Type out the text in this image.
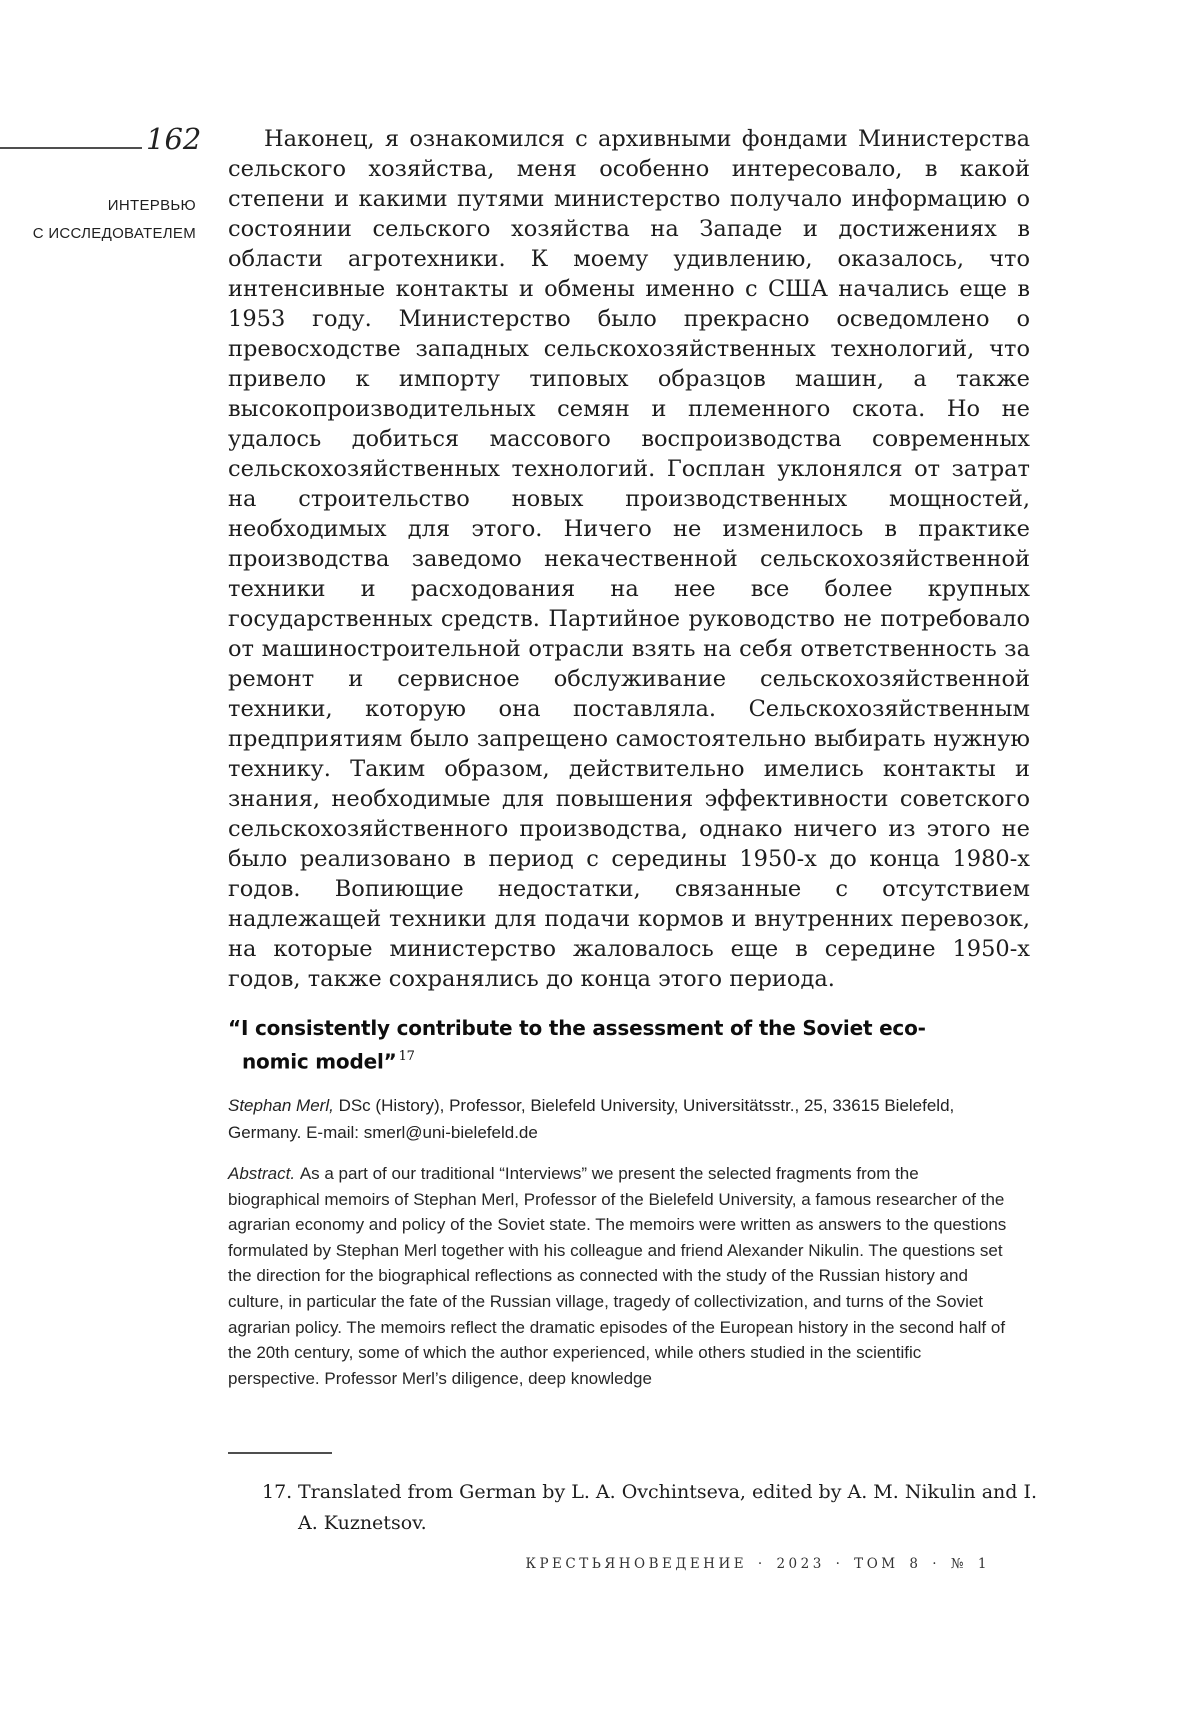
162
ИНТЕРВЬЮ
С ИССЛЕДОВАТЕЛЕМ
Наконец, я ознакомился с архивными фондами Министерства сельского хозяйства, меня особенно интересовало, в какой степени и какими путями министерство получало информацию о состоянии сельского хозяйства на Западе и достижениях в области агротехники. К моему удивлению, оказалось, что интенсивные контакты и обмены именно с США начались еще в 1953 году. Министерство было прекрасно осведомлено о превосходстве западных сельскохозяйственных технологий, что привело к импорту типовых образцов машин, а также высокопроизводительных семян и племенного скота. Но не удалось добиться массового воспроизводства современных сельскохозяйственных технологий. Госплан уклонялся от затрат на строительство новых производственных мощностей, необходимых для этого. Ничего не изменилось в практике производства заведомо некачественной сельскохозяйственной техники и расходования на нее все более крупных государственных средств. Партийное руководство не потребовало от машиностроительной отрасли взять на себя ответственность за ремонт и сервисное обслуживание сельскохозяйственной техники, которую она поставляла. Сельскохозяйственным предприятиям было запрещено самостоятельно выбирать нужную технику. Таким образом, действительно имелись контакты и знания, необходимые для повышения эффективности советского сельскохозяйственного производства, однако ничего из этого не было реализовано в период с середины 1950-х до конца 1980-х годов. Вопиющие недостатки, связанные с отсутствием надлежащей техники для подачи кормов и внутренних перевозок, на которые министерство жаловалось еще в середине 1950-х годов, также сохранялись до конца этого периода.
“I consistently contribute to the assessment of the Soviet eco-
nomic model” $^{17}$
Stephan Merl, DSc (History), Professor, Bielefeld University, Universitätsstr., 25, 33615 Bielefeld, Germany. E-mail: smerl@uni-bielefeld.de
Abstract. As a part of our traditional “Interviews” we present the selected fragments from the biographical memoirs of Stephan Merl, Professor of the Bielefeld University, a famous researcher of the agrarian economy and policy of the Soviet state. The memoirs were written as answers to the questions formulated by Stephan Merl together with his colleague and friend Alexander Nikulin. The questions set the direction for the biographical reflections as connected with the study of the Russian history and culture, in particular the fate of the Russian village, tragedy of collectivization, and turns of the Soviet agrarian policy. The memoirs reflect the dramatic episodes of the European history in the second half of the 20th century, some of which the author experienced, while others studied in the scientific perspective. Professor Merl’s diligence, deep knowledge
17. Translated from German by L. A. Ovchintseva, edited by A. M. Nikulin and I. A. Kuznetsov.
КРЕСТЬЯНОВЕДЕНИЕ · 2023 · ТОМ 8 · № 1
